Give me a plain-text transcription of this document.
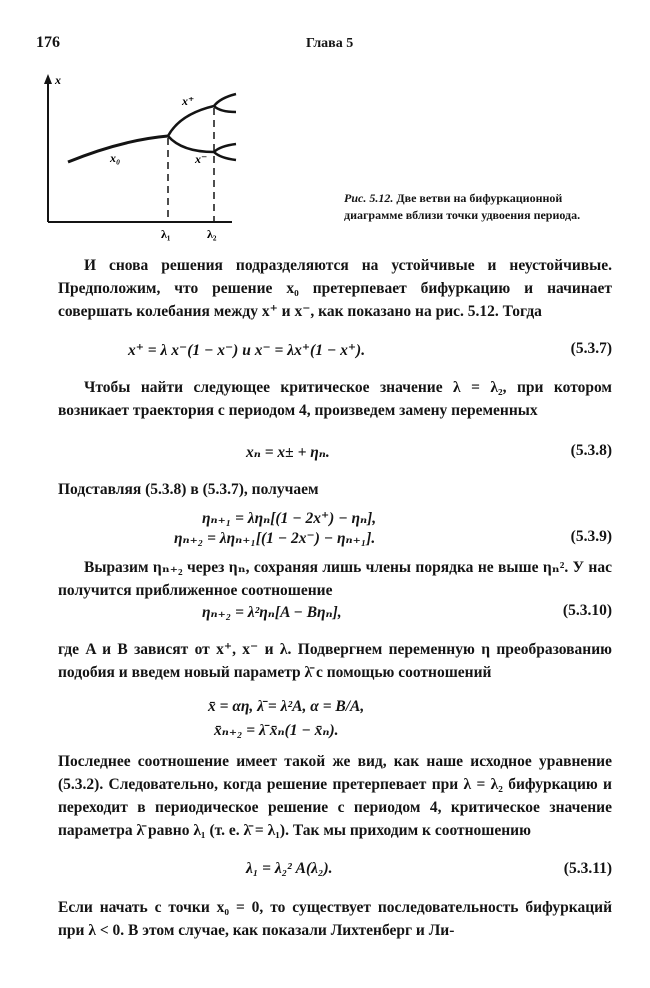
176	Глава 5
x
x₀
x⁺
x⁻
λ₁	λ₂
Рис. 5.12. Две ветви на бифуркационной диаграмме вблизи точки удвоения периода.
И снова решения подразделяются на устойчивые и неустойчивые. Предположим, что решение x₀ претерпевает бифуркацию и начинает совершать колебания между x⁺ и x⁻, как показано на рис. 5.12. Тогда
x⁺ = λ x⁻(1 − x⁻) и x⁻ = λx⁺(1 − x⁺).	(5.3.7)
Чтобы найти следующее критическое значение λ = λ₂, при котором возникает траектория с периодом 4, произведем замену переменных
xₙ = x± + ηₙ.	(5.3.8)
Подставляя (5.3.8) в (5.3.7), получаем
ηₙ₊₁ = ληₙ[(1 − 2x⁺) − ηₙ],
ηₙ₊₂ = ληₙ₊₁[(1 − 2x⁻) − ηₙ₊₁].	(5.3.9)
Выразим ηₙ₊₂ через ηₙ, сохраняя лишь члены порядка не выше ηₙ². У нас получится приближенное соотношение
ηₙ₊₂ = λ²ηₙ[A − Bηₙ],	(5.3.10)
где A и B зависят от x⁺, x⁻ и λ. Подвергнем переменную η преобразованию подобия и введем новый параметр λ̄ с помощью соотношений
x̄ = αη, λ̄ = λ²A, α = B/A,
x̄ₙ₊₂ = λ̄ x̄ₙ(1 − x̄ₙ).
Последнее соотношение имеет такой же вид, как наше исходное уравнение (5.3.2). Следовательно, когда решение претерпевает при λ = λ₂ бифуркацию и переходит в периодическое решение с периодом 4, критическое значение параметра λ̄ равно λ₁ (т. е. λ̄ = λ₁). Так мы приходим к соотношению
λ₁ = λ₂² A(λ₂).	(5.3.11)
Если начать с точки x₀ = 0, то существует последовательность бифуркаций при λ < 0. В этом случае, как показали Лихтенберг и Ли-
